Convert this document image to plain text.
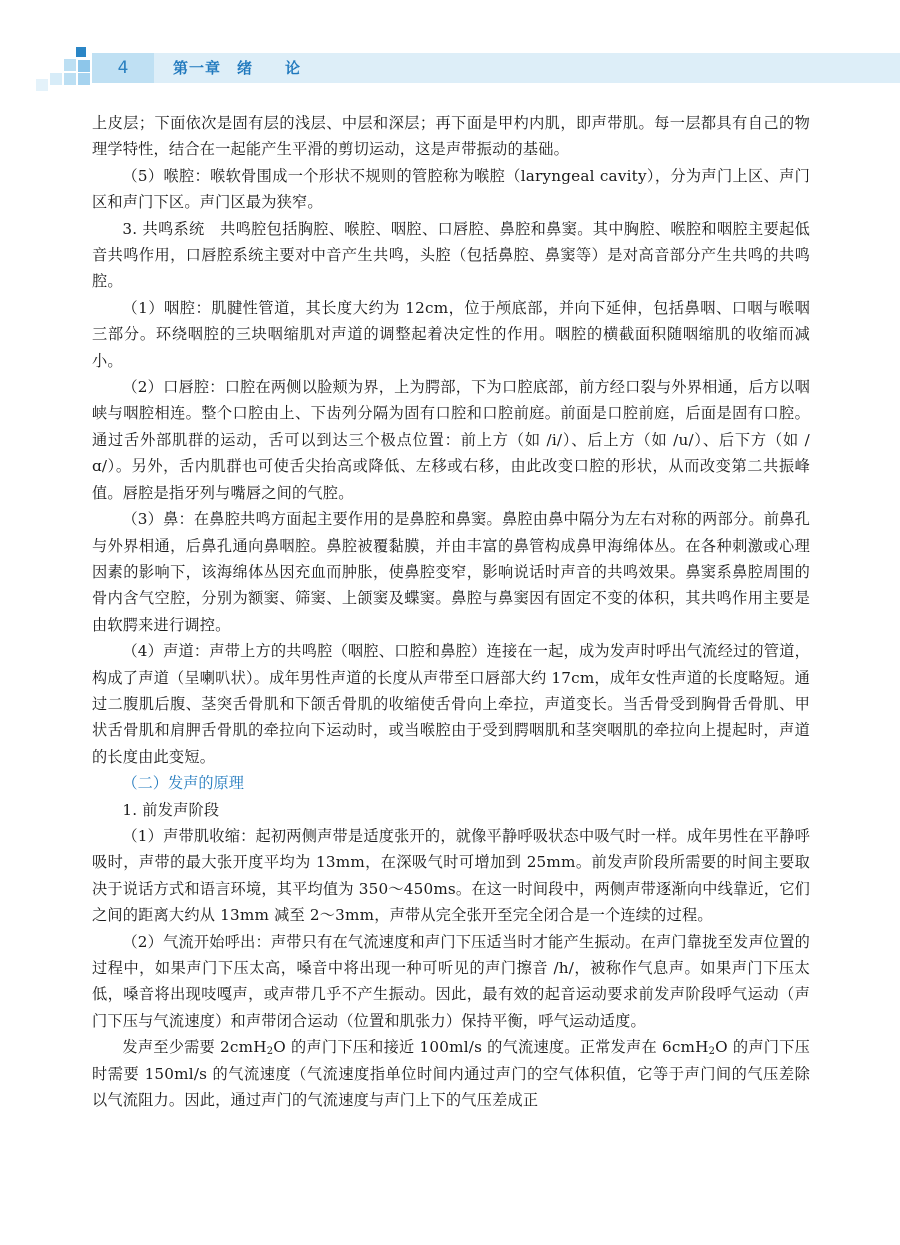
4	第一章　绪　　论

上皮层；下面依次是固有层的浅层、中层和深层；再下面是甲杓内肌，即声带肌。每一层都具有自己的物理学特性，结合在一起能产生平滑的剪切运动，这是声带振动的基础。

（5）喉腔：喉软骨围成一个形状不规则的管腔称为喉腔（laryngeal cavity），分为声门上区、声门区和声门下区。声门区最为狭窄。

3. 共鸣系统　共鸣腔包括胸腔、喉腔、咽腔、口唇腔、鼻腔和鼻窦。其中胸腔、喉腔和咽腔主要起低音共鸣作用，口唇腔系统主要对中音产生共鸣，头腔（包括鼻腔、鼻窦等）是对高音部分产生共鸣的共鸣腔。

（1）咽腔：肌腱性管道，其长度大约为 12cm，位于颅底部，并向下延伸，包括鼻咽、口咽与喉咽三部分。环绕咽腔的三块咽缩肌对声道的调整起着决定性的作用。咽腔的横截面积随咽缩肌的收缩而减小。

（2）口唇腔：口腔在两侧以脸颊为界，上为腭部，下为口腔底部，前方经口裂与外界相通，后方以咽峡与咽腔相连。整个口腔由上、下齿列分隔为固有口腔和口腔前庭。前面是口腔前庭，后面是固有口腔。通过舌外部肌群的运动，舌可以到达三个极点位置：前上方（如 /i/）、后上方（如 /u/）、后下方（如 /ɑ/）。另外，舌内肌群也可使舌尖抬高或降低、左移或右移，由此改变口腔的形状，从而改变第二共振峰值。唇腔是指牙列与嘴唇之间的气腔。

（3）鼻：在鼻腔共鸣方面起主要作用的是鼻腔和鼻窦。鼻腔由鼻中隔分为左右对称的两部分。前鼻孔与外界相通，后鼻孔通向鼻咽腔。鼻腔被覆黏膜，并由丰富的鼻管构成鼻甲海绵体丛。在各种刺激或心理因素的影响下，该海绵体丛因充血而肿胀，使鼻腔变窄，影响说话时声音的共鸣效果。鼻窦系鼻腔周围的骨内含气空腔，分别为额窦、筛窦、上颌窦及蝶窦。鼻腔与鼻窦因有固定不变的体积，其共鸣作用主要是由软腭来进行调控。

（4）声道：声带上方的共鸣腔（咽腔、口腔和鼻腔）连接在一起，成为发声时呼出气流经过的管道，构成了声道（呈喇叭状）。成年男性声道的长度从声带至口唇部大约 17cm，成年女性声道的长度略短。通过二腹肌后腹、茎突舌骨肌和下颌舌骨肌的收缩使舌骨向上牵拉，声道变长。当舌骨受到胸骨舌骨肌、甲状舌骨肌和肩胛舌骨肌的牵拉向下运动时，或当喉腔由于受到腭咽肌和茎突咽肌的牵拉向上提起时，声道的长度由此变短。

（二）发声的原理

1. 前发声阶段

（1）声带肌收缩：起初两侧声带是适度张开的，就像平静呼吸状态中吸气时一样。成年男性在平静呼吸时，声带的最大张开度平均为 13mm，在深吸气时可增加到 25mm。前发声阶段所需要的时间主要取决于说话方式和语言环境，其平均值为 350～450ms。在这一时间段中，两侧声带逐渐向中线靠近，它们之间的距离大约从 13mm 减至 2～3mm，声带从完全张开至完全闭合是一个连续的过程。

（2）气流开始呼出：声带只有在气流速度和声门下压适当时才能产生振动。在声门靠拢至发声位置的过程中，如果声门下压太高，嗓音中将出现一种可听见的声门擦音 /h/，被称作气息声。如果声门下压太低，嗓音将出现吱嘎声，或声带几乎不产生振动。因此，最有效的起音运动要求前发声阶段呼气运动（声门下压与气流速度）和声带闭合运动（位置和肌张力）保持平衡，呼气运动适度。

发声至少需要 2cmH$_2$O 的声门下压和接近 100ml/s 的气流速度。正常发声在 6cmH$_2$O 的声门下压时需要 150ml/s 的气流速度（气流速度指单位时间内通过声门的空气体积值，它等于声门间的气压差除以气流阻力。因此，通过声门的气流速度与声门上下的气压差成正
